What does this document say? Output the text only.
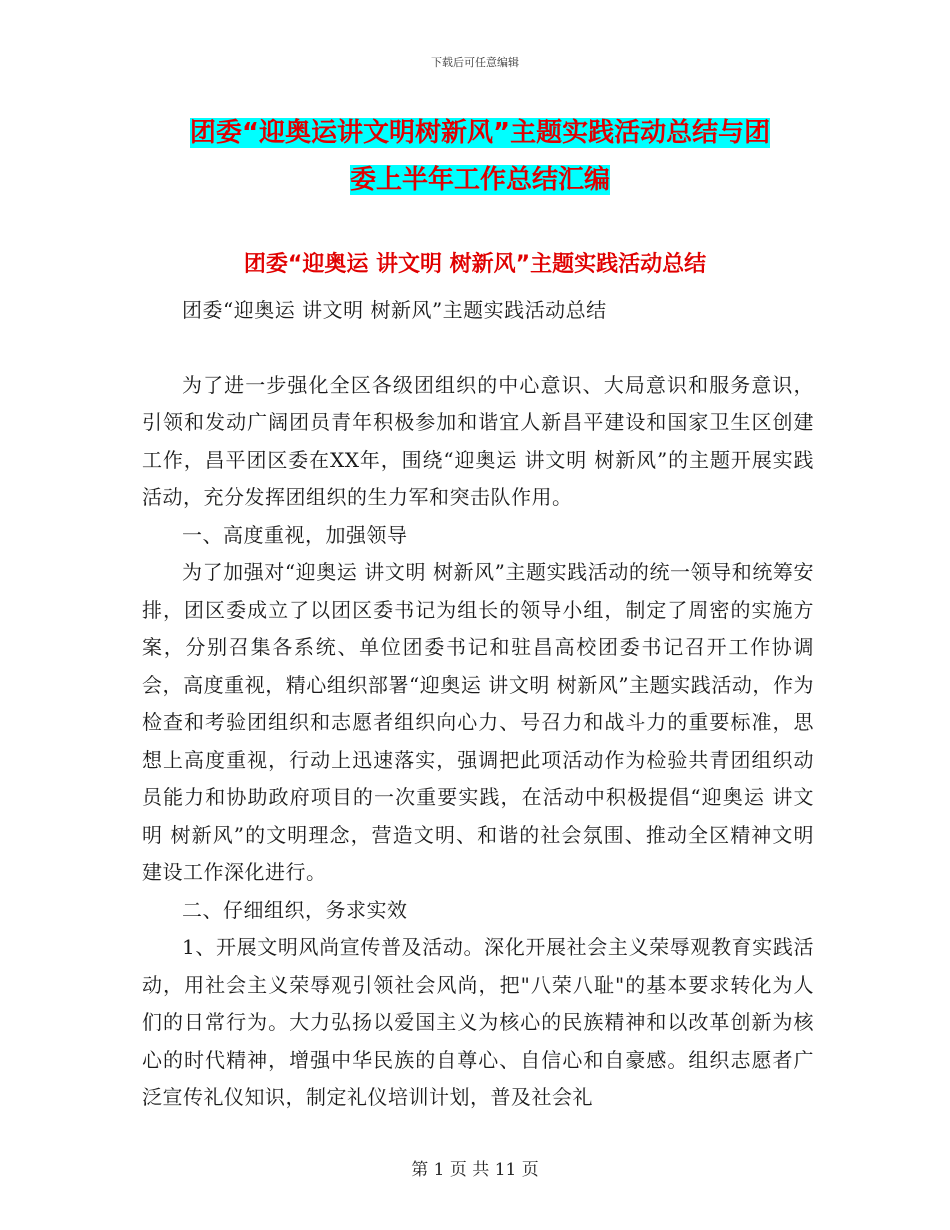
下载后可任意编辑
团委“迎奥运讲文明树新风”主题实践活动总结与团
委上半年工作总结汇编
团委“迎奥运 讲文明 树新风”主题实践活动总结

团委“迎奥运 讲文明 树新风”主题实践活动总结

为了进一步强化全区各级团组织的中心意识、大局意识和服务意识，引领和发动广阔团员青年积极参加和谐宜人新昌平建设和国家卫生区创建工作，昌平团区委在XX年，围绕“迎奥运 讲文明 树新风”的主题开展实践活动，充分发挥团组织的生力军和突击队作用。

一、高度重视，加强领导

为了加强对“迎奥运 讲文明 树新风”主题实践活动的统一领导和统筹安排，团区委成立了以团区委书记为组长的领导小组，制定了周密的实施方案，分别召集各系统、单位团委书记和驻昌高校团委书记召开工作协调会，高度重视，精心组织部署“迎奥运 讲文明 树新风”主题实践活动，作为检查和考验团组织和志愿者组织向心力、号召力和战斗力的重要标准，思想上高度重视，行动上迅速落实，强调把此项活动作为检验共青团组织动员能力和协助政府项目的一次重要实践，在活动中积极提倡“迎奥运 讲文明 树新风”的文明理念，营造文明、和谐的社会氛围、推动全区精神文明建设工作深化进行。

二、仔细组织，务求实效

1、开展文明风尚宣传普及活动。深化开展社会主义荣辱观教育实践活动，用社会主义荣辱观引领社会风尚，把"八荣八耻"的基本要求转化为人们的日常行为。大力弘扬以爱国主义为核心的民族精神和以改革创新为核心的时代精神，增强中华民族的自尊心、自信心和自豪感。组织志愿者广泛宣传礼仪知识，制定礼仪培训计划，普及社会礼

第 1 页 共 11 页
